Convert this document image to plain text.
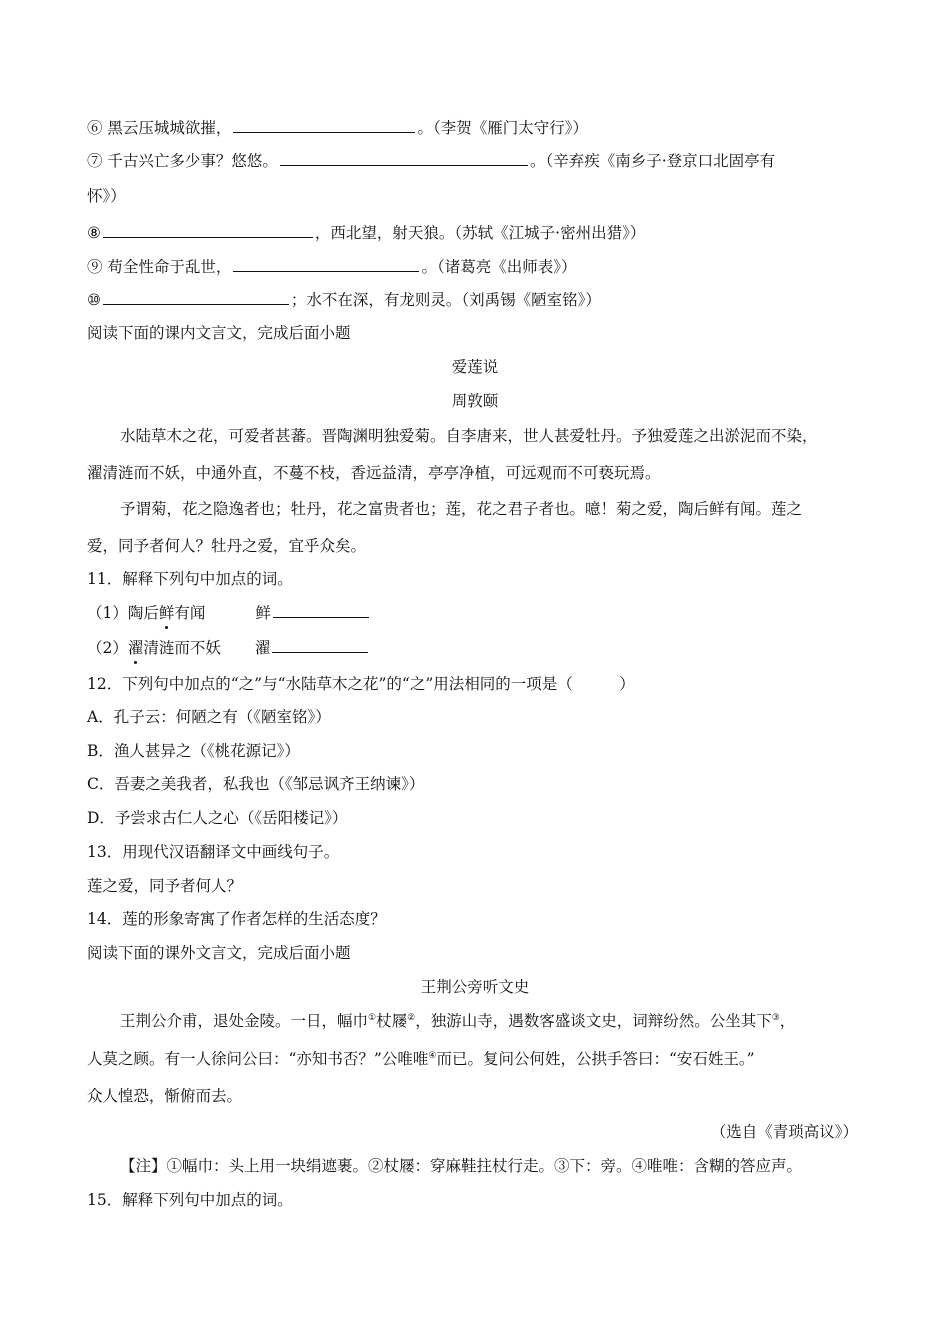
⑥ 黑云压城城欲摧，	。（李贺《雁门太守行》）
⑦ 千古兴亡多少事？悠悠。	。（辛弃疾《南乡子·登京口北固亭有
怀》）
⑧	，西北望，射天狼。（苏轼《江城子·密州出猎》）
⑨ 苟全性命于乱世，	。（诸葛亮《出师表》）
⑩	；水不在深，有龙则灵。（刘禹锡《陋室铭》）
阅读下面的课内文言文，完成后面小题
爱莲说
周敦颐
水陆草木之花，可爱者甚蕃。晋陶渊明独爱菊。自李唐来，世人甚爱牡丹。予独爱莲之出淤泥而不染，
濯清涟而不妖，中通外直，不蔓不枝，香远益清，亭亭净植，可远观而不可亵玩焉。
予谓菊，花之隐逸者也；牡丹，花之富贵者也；莲，花之君子者也。噫！菊之爱，陶后鲜有闻。莲之
爱，同予者何人？牡丹之爱，宜乎众矣。
11．解释下列句中加点的词。
（1）陶后鲜有闻	鲜
（2）濯清涟而不妖 濯
12．下列句中加点的“之”与“水陆草木之花”的“之”用法相同的一项是（　　　）
A．孔子云：何陋之有（《陋室铭》）
B．渔人甚异之（《桃花源记》）
C．吾妻之美我者，私我也（《邹忌讽齐王纳谏》）
D．予尝求古仁人之心（《岳阳楼记》）
13．用现代汉语翻译文中画线句子。
莲之爱，同予者何人？
14．莲的形象寄寓了作者怎样的生活态度？
阅读下面的课外文言文，完成后面小题
王荆公旁听文史
王荆公介甫，退处金陵。一日，幅巾①杖屦②，独游山寺，遇数客盛谈文史，词辩纷然。公坐其下③，
人莫之顾。有一人徐问公曰：“亦知书否？”公唯唯④而已。复问公何姓，公拱手答曰：“安石姓王。”
众人惶恐，惭俯而去。
（选自《青琐高议》）
【注】①幅巾：头上用一块绢遮裹。②杖屦：穿麻鞋拄杖行走。③下：旁。④唯唯：含糊的答应声。
15．解释下列句中加点的词。
